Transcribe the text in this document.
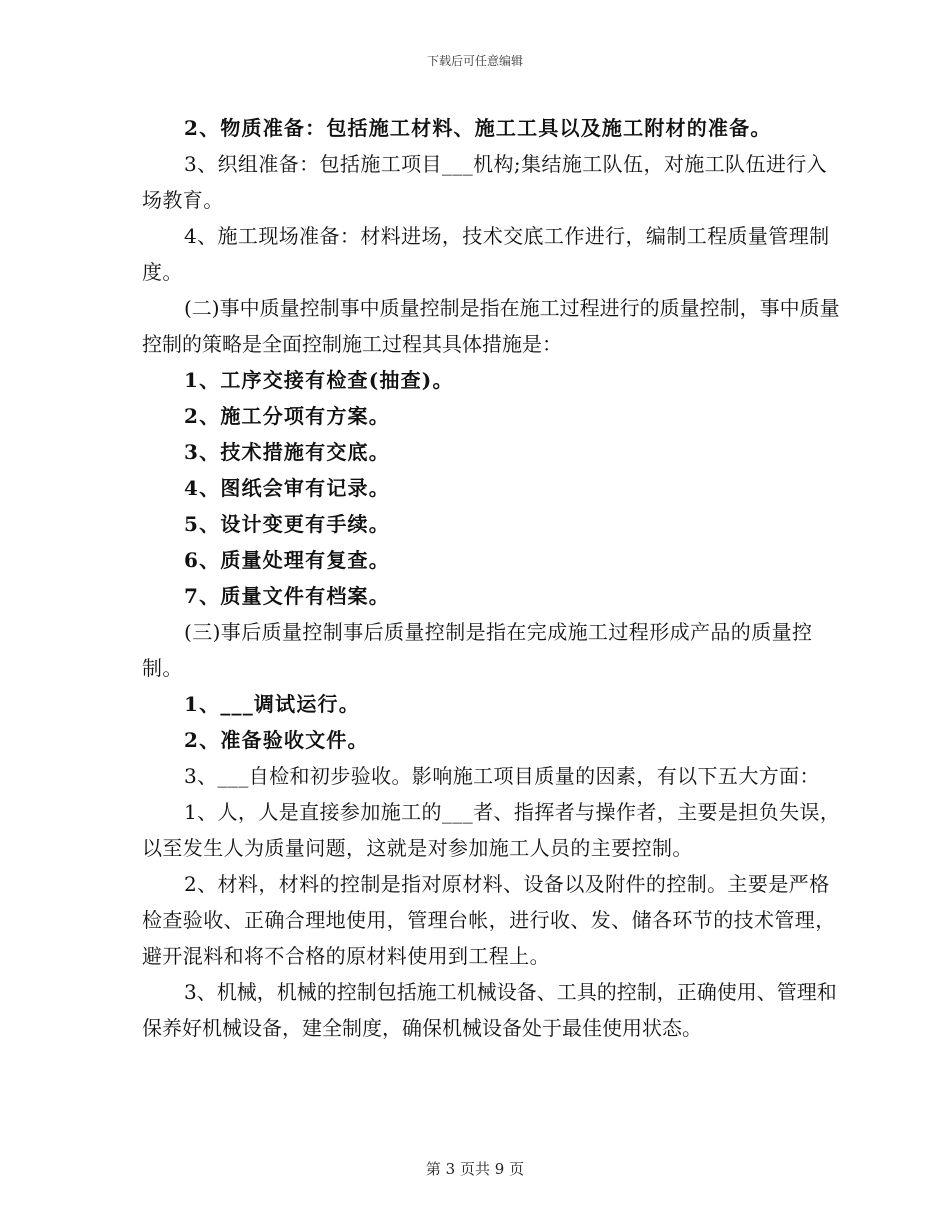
下载后可任意编辑

2、物质准备：包括施工材料、施工工具以及施工附材的准备。

3、织组准备：包括施工项目___机构;集结施工队伍，对施工队伍进行入场教育。

4、施工现场准备：材料进场，技术交底工作进行，编制工程质量管理制度。

(二)事中质量控制事中质量控制是指在施工过程进行的质量控制，事中质量控制的策略是全面控制施工过程其具体措施是：

1、工序交接有检查(抽查)。

2、施工分项有方案。

3、技术措施有交底。

4、图纸会审有记录。

5、设计变更有手续。

6、质量处理有复查。

7、质量文件有档案。

(三)事后质量控制事后质量控制是指在完成施工过程形成产品的质量控制。

1、___调试运行。

2、准备验收文件。

3、___自检和初步验收。影响施工项目质量的因素，有以下五大方面：

1、人，人是直接参加施工的___者、指挥者与操作者，主要是担负失误，以至发生人为质量问题，这就是对参加施工人员的主要控制。

2、材料，材料的控制是指对原材料、设备以及附件的控制。主要是严格检查验收、正确合理地使用，管理台帐，进行收、发、储各环节的技术管理，避开混料和将不合格的原材料使用到工程上。

3、机械，机械的控制包括施工机械设备、工具的控制，正确使用、管理和保养好机械设备，建全制度，确保机械设备处于最佳使用状态。

第 3 页共 9 页
